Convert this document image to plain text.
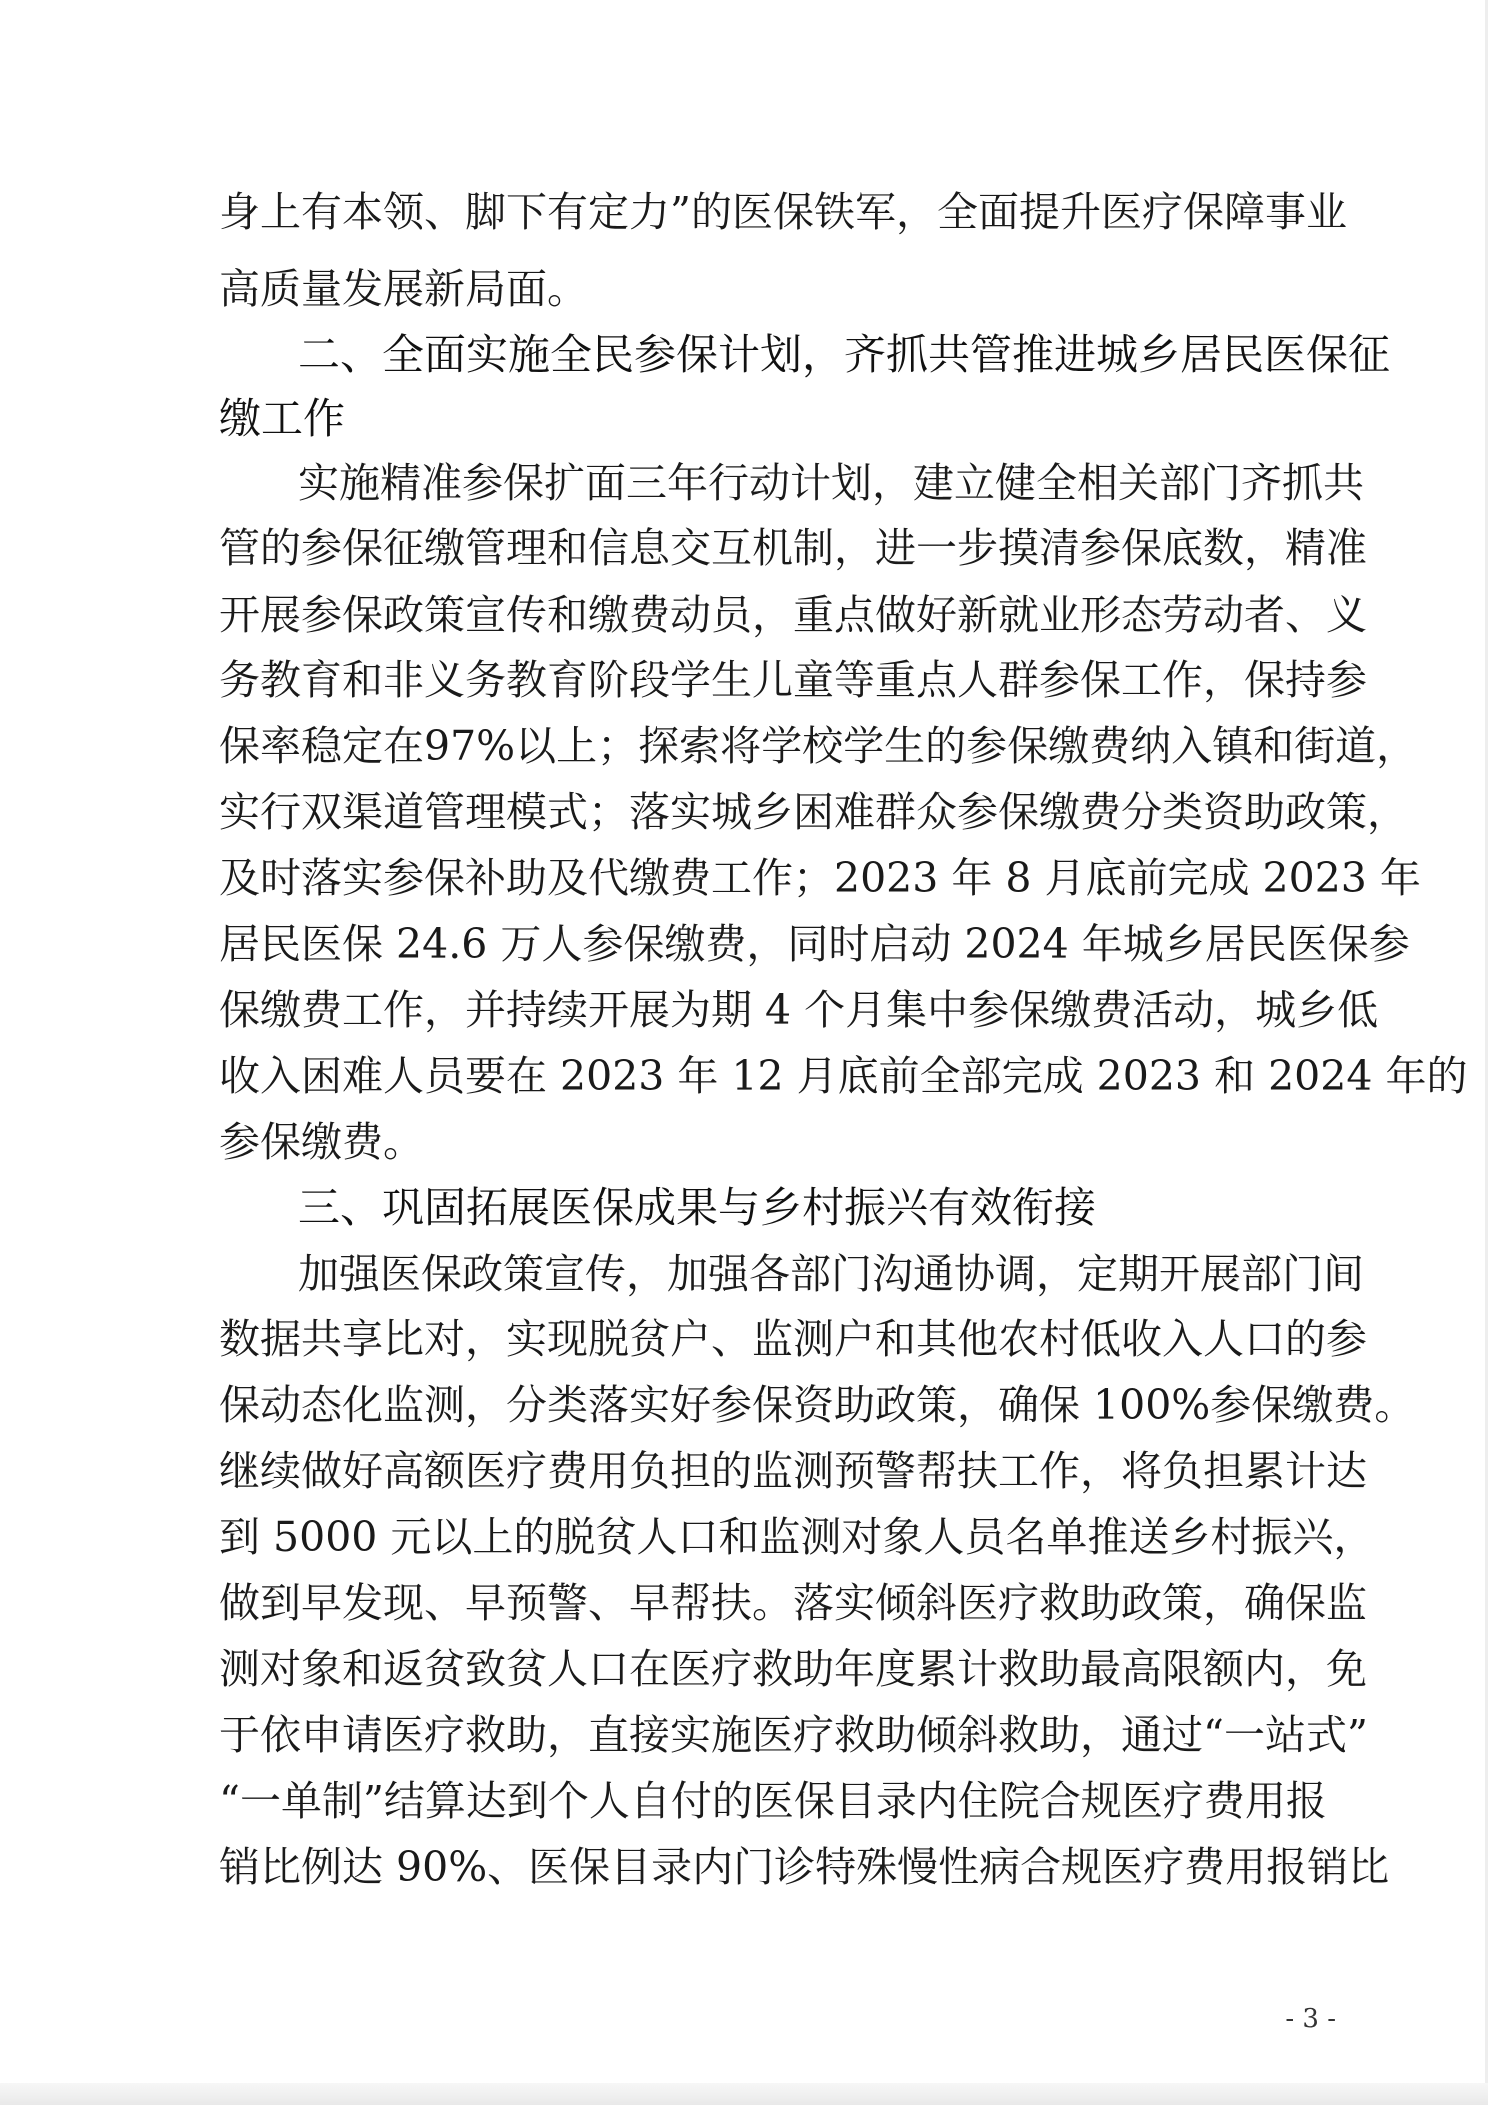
身上有本领、脚下有定力”的医保铁军，全面提升医疗保障事业
高质量发展新局面。
二、全面实施全民参保计划，齐抓共管推进城乡居民医保征
缴工作
实施精准参保扩面三年行动计划，建立健全相关部门齐抓共
管的参保征缴管理和信息交互机制，进一步摸清参保底数，精准
开展参保政策宣传和缴费动员，重点做好新就业形态劳动者、义
务教育和非义务教育阶段学生儿童等重点人群参保工作，保持参
保率稳定在97%以上；探索将学校学生的参保缴费纳入镇和街道，
实行双渠道管理模式；落实城乡困难群众参保缴费分类资助政策，
及时落实参保补助及代缴费工作；2023 年 8 月底前完成 2023 年
居民医保 24.6 万人参保缴费，同时启动 2024 年城乡居民医保参
保缴费工作，并持续开展为期 4 个月集中参保缴费活动，城乡低
收入困难人员要在 2023 年 12 月底前全部完成 2023 和 2024 年的
参保缴费。
三、巩固拓展医保成果与乡村振兴有效衔接
加强医保政策宣传，加强各部门沟通协调，定期开展部门间
数据共享比对，实现脱贫户、监测户和其他农村低收入人口的参
保动态化监测，分类落实好参保资助政策，确保 100%参保缴费。
继续做好高额医疗费用负担的监测预警帮扶工作，将负担累计达
到 5000 元以上的脱贫人口和监测对象人员名单推送乡村振兴，
做到早发现、早预警、早帮扶。落实倾斜医疗救助政策，确保监
测对象和返贫致贫人口在医疗救助年度累计救助最高限额内，免
于依申请医疗救助，直接实施医疗救助倾斜救助，通过“一站式”
“一单制”结算达到个人自付的医保目录内住院合规医疗费用报
销比例达 90%、医保目录内门诊特殊慢性病合规医疗费用报销比
- 3 -
